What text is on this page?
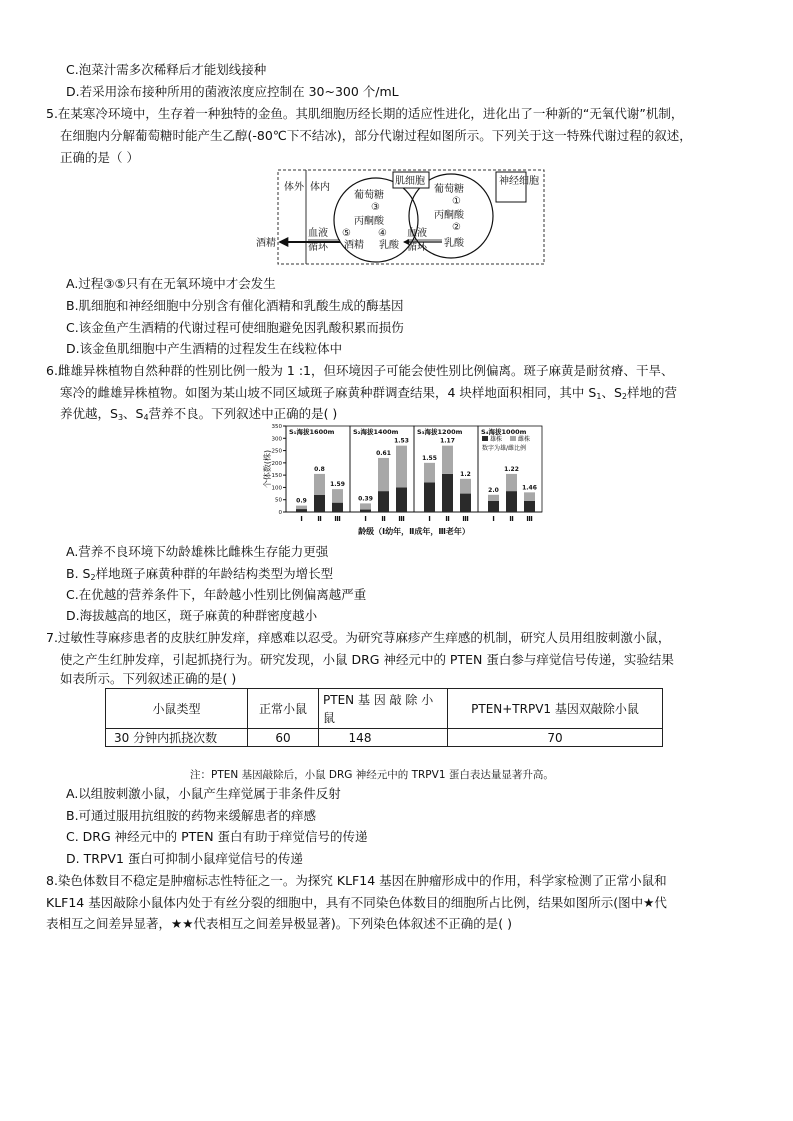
C.泡菜汁需多次稀释后才能划线接种
D.若采用涂布接种所用的菌液浓度应控制在 30~300 个/mL
5.在某寒冷环境中，生存着一种独特的金鱼。其肌细胞历经长期的适应性进化，进化出了一种新的“无氧代谢”机制，
在细胞内分解葡萄糖时能产生乙醇(-80℃下不结冰)，部分代谢过程如图所示。下列关于这一特殊代谢过程的叙述，
正确的是（ ）
体外 体内
肌细胞	神经细胞
葡萄糖
③
丙酮酸
⑤	④
酒精 乳酸
葡萄糖
①
丙酮酸
②
乳酸
血液
循环
血液
循环
酒精
A.过程③⑤只有在无氧环境中才会发生
B.肌细胞和神经细胞中分别含有催化酒精和乳酸生成的酶基因
C.该金鱼产生酒精的代谢过程可使细胞避免因乳酸积累而损伤
D.该金鱼肌细胞中产生酒精的过程发生在线粒体中
6.雌雄异株植物自然种群的性别比例一般为 1 :1，但环境因子可能会使性别比例偏离。斑子麻黄是耐贫瘠、干旱、
寒冷的雌雄异株植物。如图为某山坡不同区域斑子麻黄种群调查结果，4 块样地面积相同，其中 $S_1$、$S_2$样地的营
养优越，$S_3$、$S_4$营养不良。下列叙述中正确的是( )
0
50
100
150
200
250
300
350
个体数(株)
S₁海拔1600m
0.9
Ⅰ
0.8
Ⅱ
1.59
Ⅲ
S₂海拔1400m
0.39
Ⅰ
0.61
Ⅱ
1.53
Ⅲ
S₃海拔1200m
1.55
Ⅰ
1.17
Ⅱ
1.2
Ⅲ
S₄海拔1000m
2.0
Ⅰ
1.22
Ⅱ
1.46
Ⅲ
雄株	雌株
数字为雄/雌比例
龄级（Ⅰ幼年，Ⅱ成年，Ⅲ老年）
A.营养不良环境下幼龄雄株比雌株生存能力更强
B. $S_2$样地斑子麻黄种群的年龄结构类型为增长型
C.在优越的营养条件下，年龄越小性别比例偏离越严重
D.海拔越高的地区，斑子麻黄的种群密度越小
7.过敏性荨麻疹患者的皮肤红肿发痒，痒感难以忍受。为研究荨麻疹产生痒感的机制，研究人员用组胺刺激小鼠，
使之产生红肿发痒，引起抓挠行为。研究发现，小鼠 DRG 神经元中的 PTEN 蛋白参与痒觉信号传递，实验结果
如表所示。下列叙述正确的是( )
小鼠类型	正常小鼠	PTEN 基 因 敲 除 小
鼠	PTEN+TRPV1 基因双敲除小鼠
30 分钟内抓挠次数	60	148	70
注：PTEN 基因敲除后，小鼠 DRG 神经元中的 TRPV1 蛋白表达量显著升高。
A.以组胺刺激小鼠，小鼠产生痒觉属于非条件反射
B.可通过服用抗组胺的药物来缓解患者的痒感
C. DRG 神经元中的 PTEN 蛋白有助于痒觉信号的传递
D. TRPV1 蛋白可抑制小鼠痒觉信号的传递
8.染色体数目不稳定是肿瘤标志性特征之一。为探究 KLF14 基因在肿瘤形成中的作用，科学家检测了正常小鼠和
KLF14 基因敲除小鼠体内处于有丝分裂的细胞中，具有不同染色体数目的细胞所占比例，结果如图所示(图中★代
表相互之间差异显著，★★代表相互之间差异极显著)。下列染色体叙述不正确的是( )
